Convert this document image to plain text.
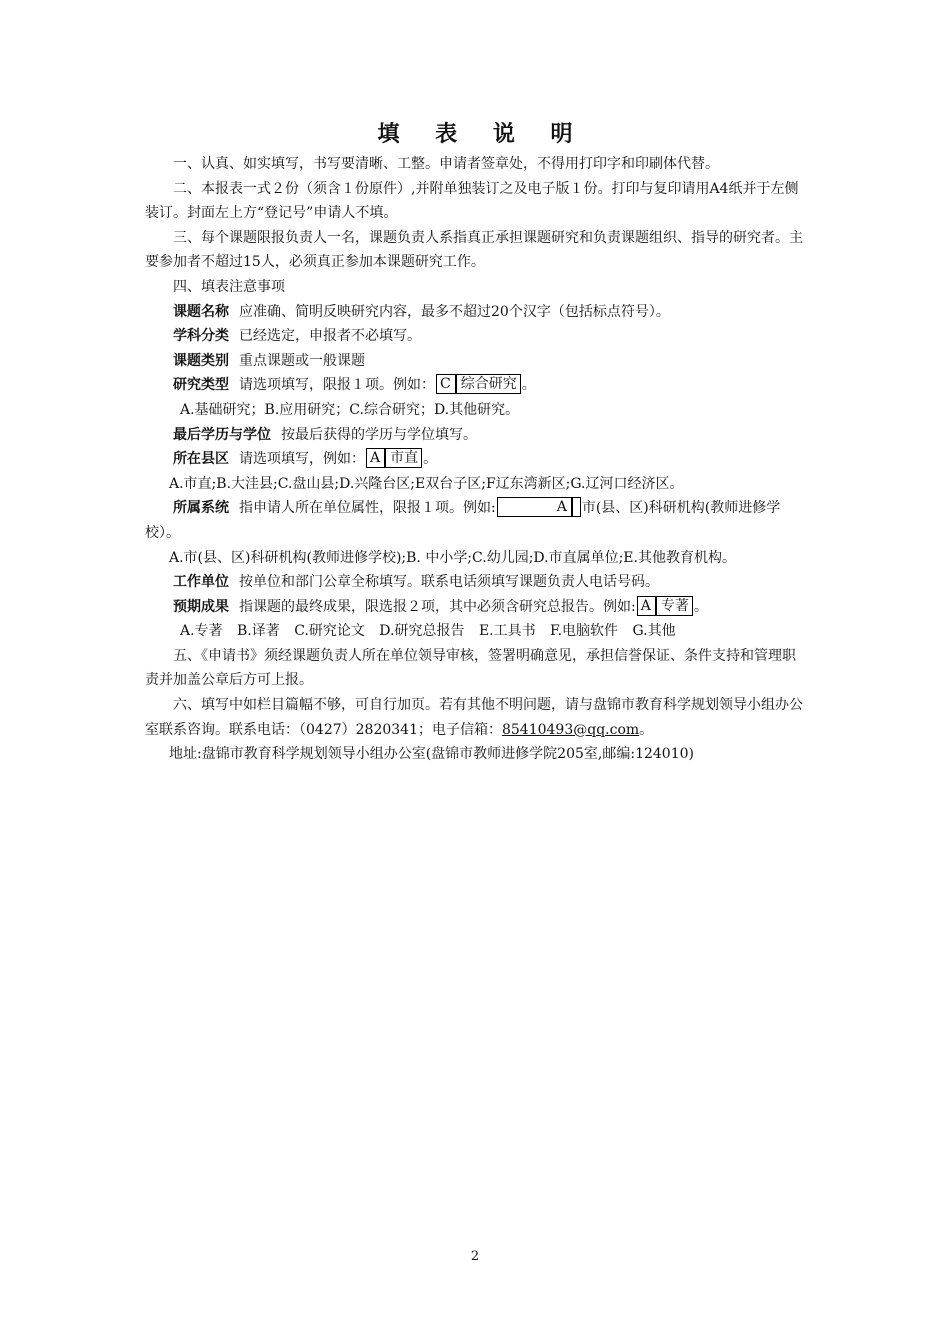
填 表 说 明

一、认真、如实填写，书写要清晰、工整。申请者签章处，不得用打印字和印刷体代替。

二、本报表一式２份（须含１份原件）,并附单独装订之及电子版１份。打印与复印请用A4纸并于左侧装订。封面左上方“登记号”申请人不填。

三、每个课题限报负责人一名，课题负责人系指真正承担课题研究和负责课题组织、指导的研究者。主要参加者不超过15人，必须真正参加本课题研究工作。

四、填表注意事项

课题名称 应准确、简明反映研究内容，最多不超过20个汉字（包括标点符号）。

学科分类 已经选定，申报者不必填写。

课题类别 重点课题或一般课题

研究类型 请选项填写，限报１项。例如： C 综合研究 。

A.基础研究；B.应用研究；C.综合研究；D.其他研究。

最后学历与学位 按最后获得的学历与学位填写。

所在县区 请选项填写，例如： A 市直 。

A.市直;B.大洼县;C.盘山县;D.兴隆台区;E双台子区;F辽东湾新区;G.辽河口经济区。

所属系统 指申请人所在单位属性，限报１项。例如:	A 市(县、区)科研机构(教师进修学校）。

A.市(县、区)科研机构(教师进修学校);B. 中小学;C.幼儿园;D.市直属单位;E.其他教育机构。

工作单位 按单位和部门公章全称填写。联系电话须填写课题负责人电话号码。

预期成果 指课题的最终成果，限选报２项，其中必须含研究总报告。例如: A 专著 。

A.专著 B.译著 C.研究论文 D.研究总报告 E.工具书 F.电脑软件 G.其他

五、《申请书》须经课题负责人所在单位领导审核，签署明确意见，承担信誉保证、条件支持和管理职责并加盖公章后方可上报。

六、填写中如栏目篇幅不够，可自行加页。若有其他不明问题，请与盘锦市教育科学规划领导小组办公室联系咨询。联系电话：（0427）2820341；电子信箱：85410493@qq.com。

地址:盘锦市教育科学规划领导小组办公室(盘锦市教师进修学院205室,邮编:124010)

2
